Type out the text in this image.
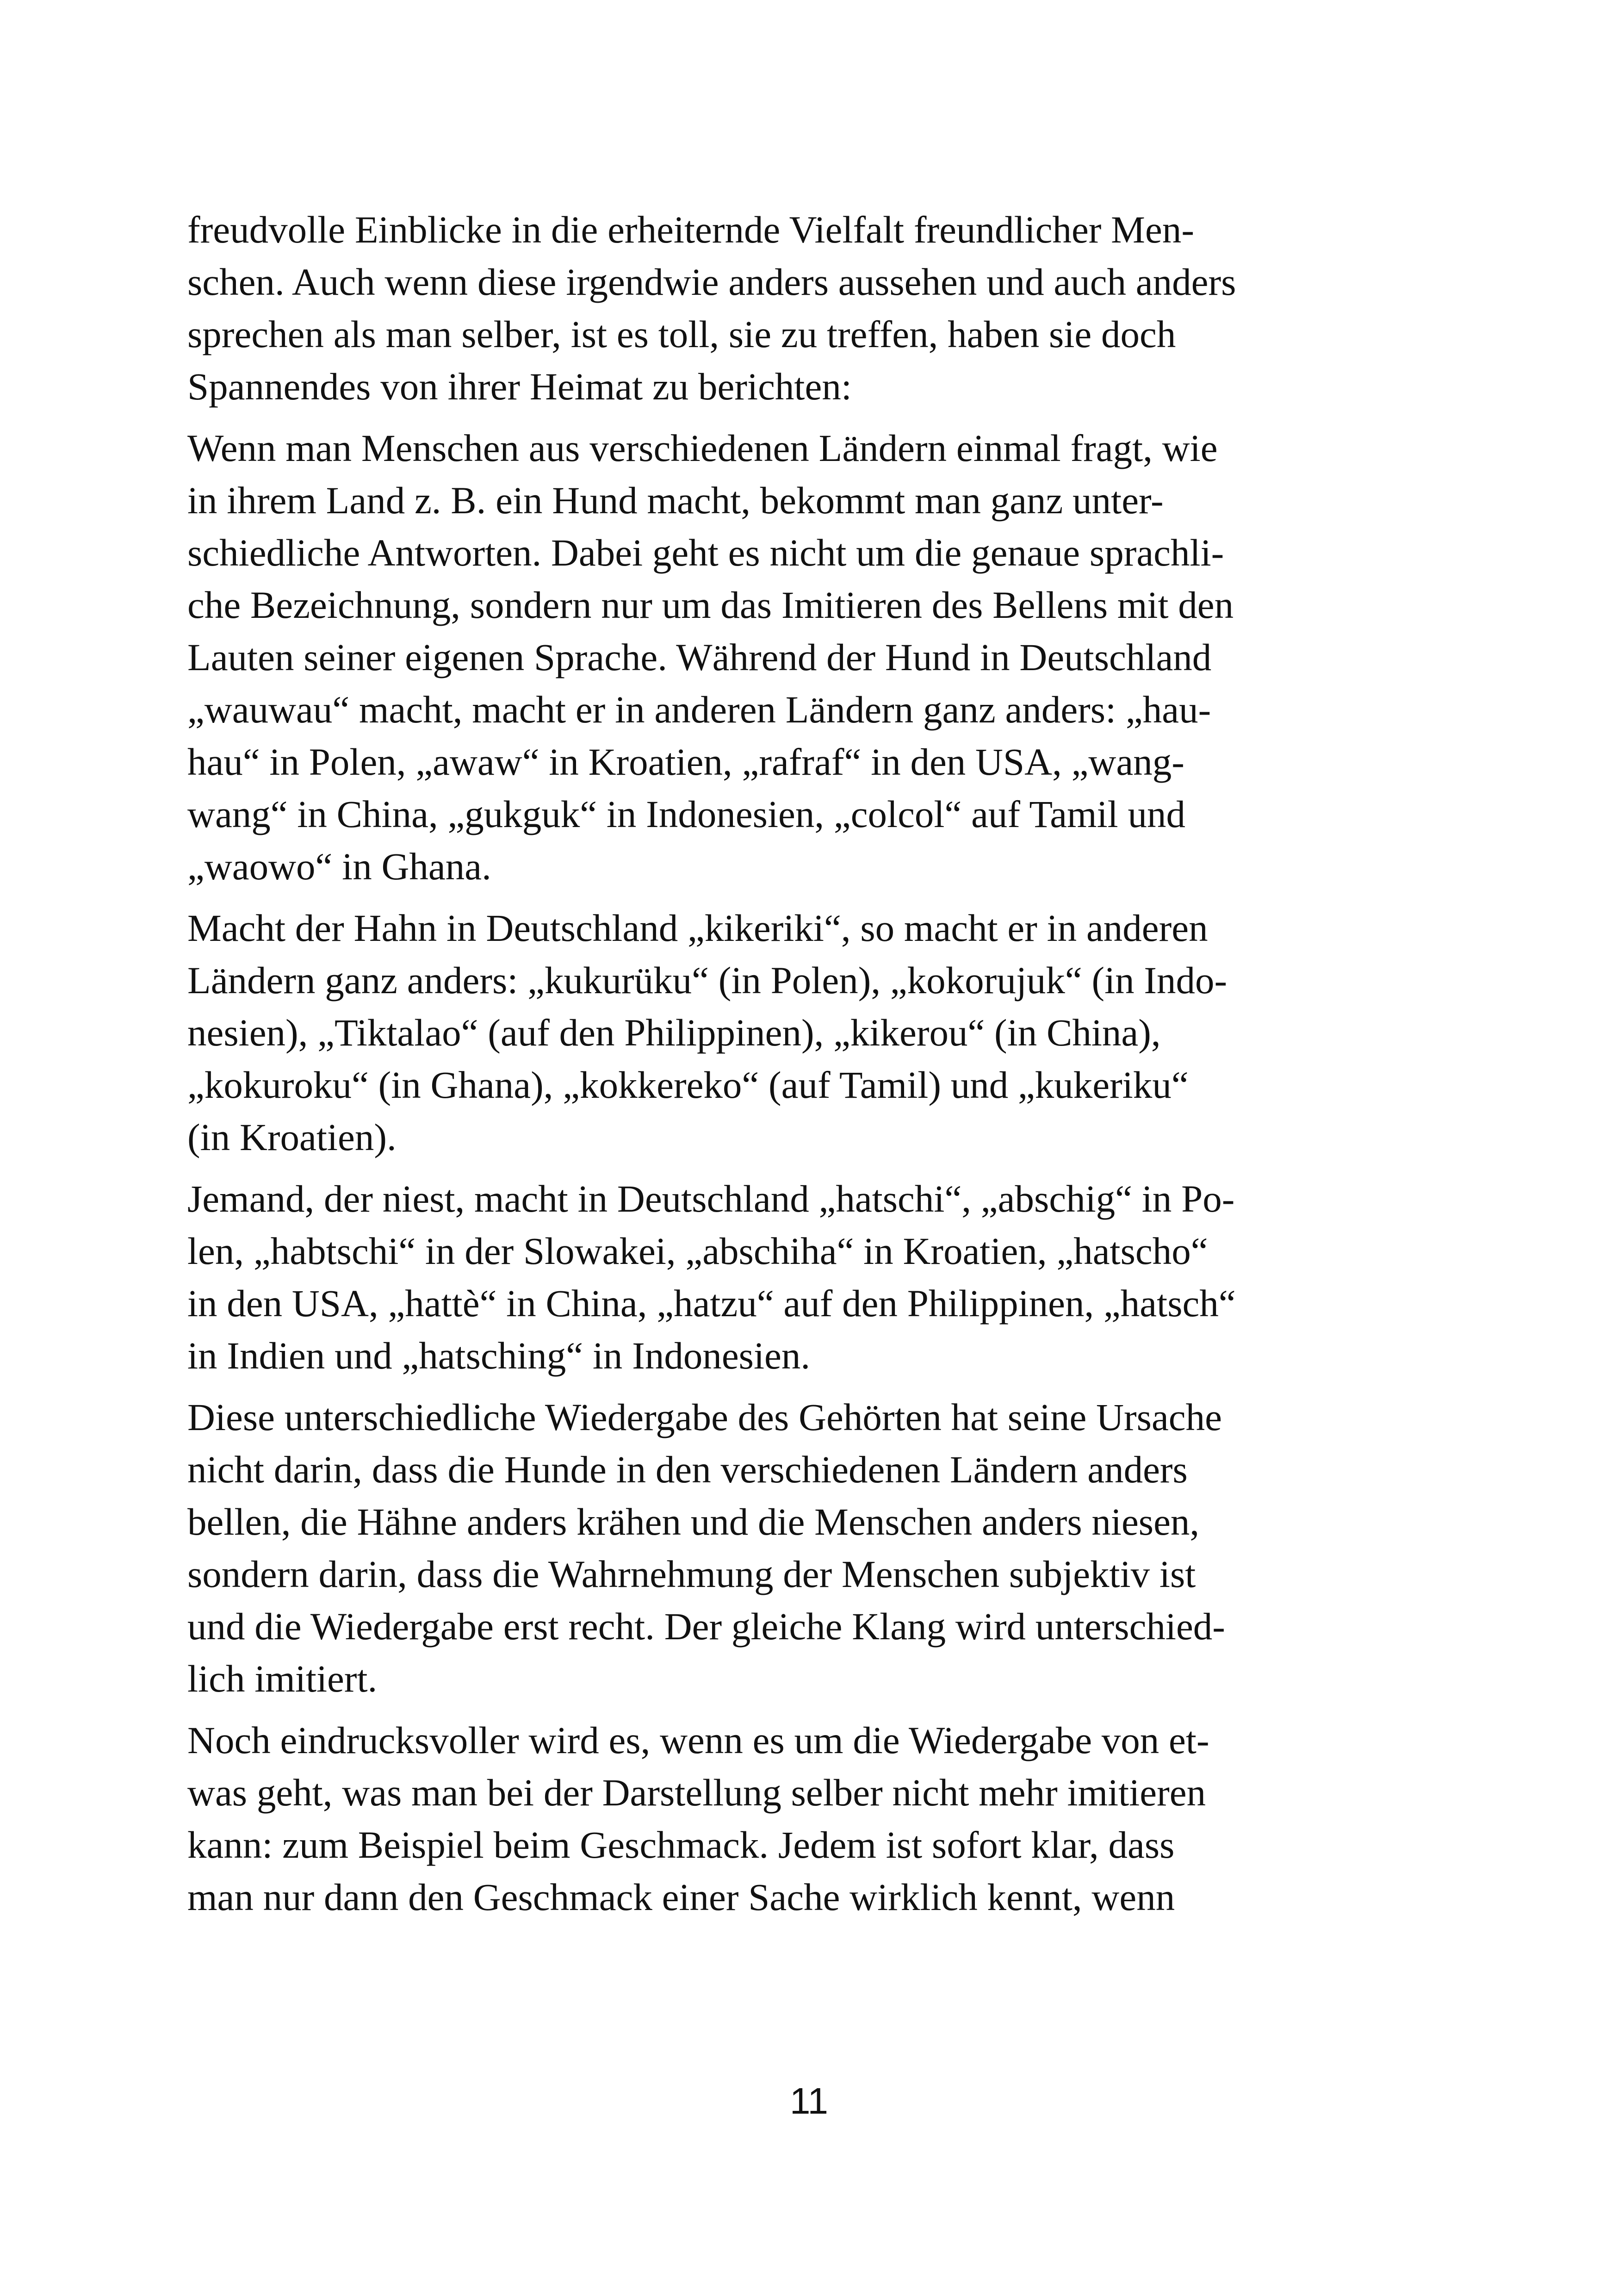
freudvolle Einblicke in die erheiternde Vielfalt freundlicher Men-
schen. Auch wenn diese irgendwie anders aussehen und auch anders
sprechen als man selber, ist es toll, sie zu treffen, haben sie doch
Spannendes von ihrer Heimat zu berichten:

Wenn man Menschen aus verschiedenen Ländern einmal fragt, wie
in ihrem Land z. B. ein Hund macht, bekommt man ganz unter-
schiedliche Antworten. Dabei geht es nicht um die genaue sprachli-
che Bezeichnung, sondern nur um das Imitieren des Bellens mit den
Lauten seiner eigenen Sprache. Während der Hund in Deutschland
„wauwau“ macht, macht er in anderen Ländern ganz anders: „hau-
hau“ in Polen, „awaw“ in Kroatien, „rafraf“ in den USA, „wang-
wang“ in China, „gukguk“ in Indonesien, „colcol“ auf Tamil und
„waowo“ in Ghana.

Macht der Hahn in Deutschland „kikeriki“, so macht er in anderen
Ländern ganz anders: „kukurüku“ (in Polen), „kokorujuk“ (in Indo-
nesien), „Tiktalao“ (auf den Philippinen), „kikerou“ (in China),
„kokuroku“ (in Ghana), „kokkereko“ (auf Tamil) und „kukeriku“
(in Kroatien).

Jemand, der niest, macht in Deutschland „hatschi“, „abschig“ in Po-
len, „habtschi“ in der Slowakei, „abschiha“ in Kroatien, „hatscho“
in den USA, „hattè“ in China, „hatzu“ auf den Philippinen, „hatsch“
in Indien und „hatsching“ in Indonesien.

Diese unterschiedliche Wiedergabe des Gehörten hat seine Ursache
nicht darin, dass die Hunde in den verschiedenen Ländern anders
bellen, die Hähne anders krähen und die Menschen anders niesen,
sondern darin, dass die Wahrnehmung der Menschen subjektiv ist
und die Wiedergabe erst recht. Der gleiche Klang wird unterschied-
lich imitiert.

Noch eindrucksvoller wird es, wenn es um die Wiedergabe von et-
was geht, was man bei der Darstellung selber nicht mehr imitieren
kann: zum Beispiel beim Geschmack. Jedem ist sofort klar, dass
man nur dann den Geschmack einer Sache wirklich kennt, wenn

11
